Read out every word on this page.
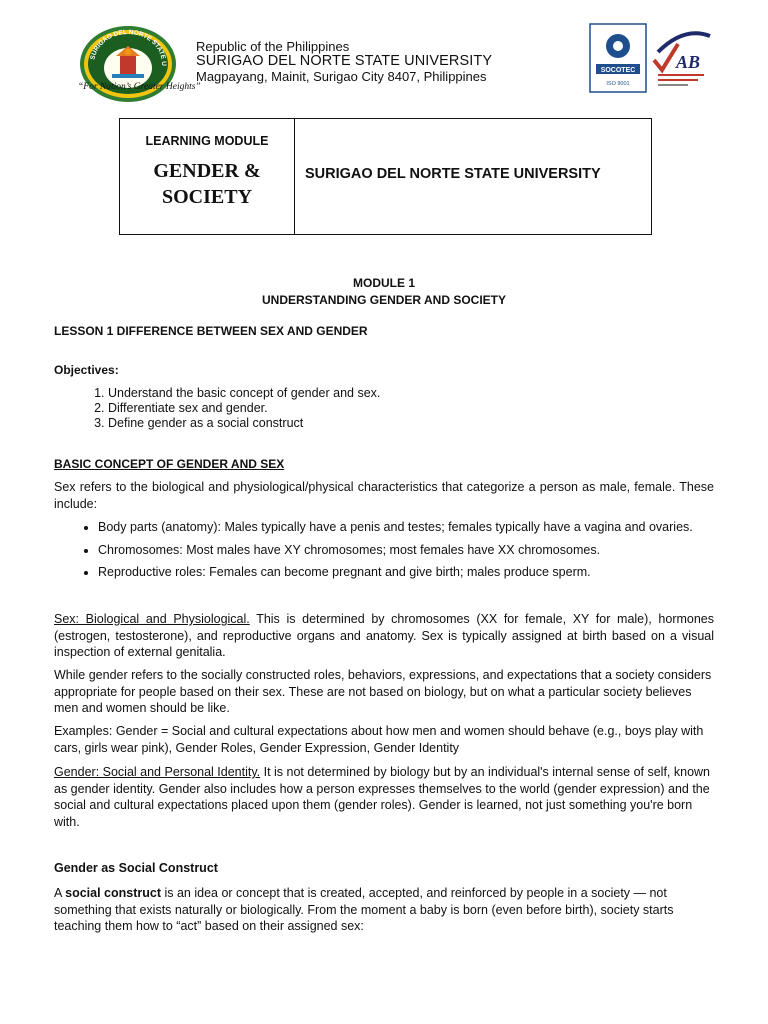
SURIGAO DEL NORTE STATE U
“For Nation’s Greater Heights”
Republic of the Philippines
SURIGAO DEL NORTE STATE UNIVERSITY
Magpayang, Mainit, Surigao City 8407, Philippines	SOCOTEC
ISO 9001
AB
LEARNING MODULE
GENDER &
SOCIETY
SURIGAO DEL NORTE STATE UNIVERSITY
MODULE 1
UNDERSTANDING GENDER AND SOCIETY
LESSON 1 DIFFERENCE BETWEEN SEX AND GENDER
Objectives:
1. Understand the basic concept of gender and sex.
2. Differentiate sex and gender.
3. Define gender as a social construct
BASIC CONCEPT OF GENDER AND SEX
Sex refers to the biological and physiological/physical characteristics that categorize a person as male, female. These include:
• Body parts (anatomy): Males typically have a penis and testes; females typically have a vagina and ovaries.
• Chromosomes: Most males have XY chromosomes; most females have XX chromosomes.
• Reproductive roles: Females can become pregnant and give birth; males produce sperm.
Sex: Biological and Physiological. This is determined by chromosomes (XX for female, XY for male), hormones (estrogen, testosterone), and reproductive organs and anatomy. Sex is typically assigned at birth based on a visual inspection of external genitalia.
While gender refers to the socially constructed roles, behaviors, expressions, and expectations that a society considers appropriate for people based on their sex. These are not based on biology, but on what a particular society believes men and women should be like.
Examples: Gender = Social and cultural expectations about how men and women should behave (e.g., boys play with cars, girls wear pink), Gender Roles, Gender Expression, Gender Identity
Gender: Social and Personal Identity. It is not determined by biology but by an individual's internal sense of self, known as gender identity. Gender also includes how a person expresses themselves to the world (gender expression) and the social and cultural expectations placed upon them (gender roles). Gender is learned, not just something you're born with.
Gender as Social Construct
A social construct is an idea or concept that is created, accepted, and reinforced by people in a society — not something that exists naturally or biologically. From the moment a baby is born (even before birth), society starts teaching them how to “act” based on their assigned sex:
